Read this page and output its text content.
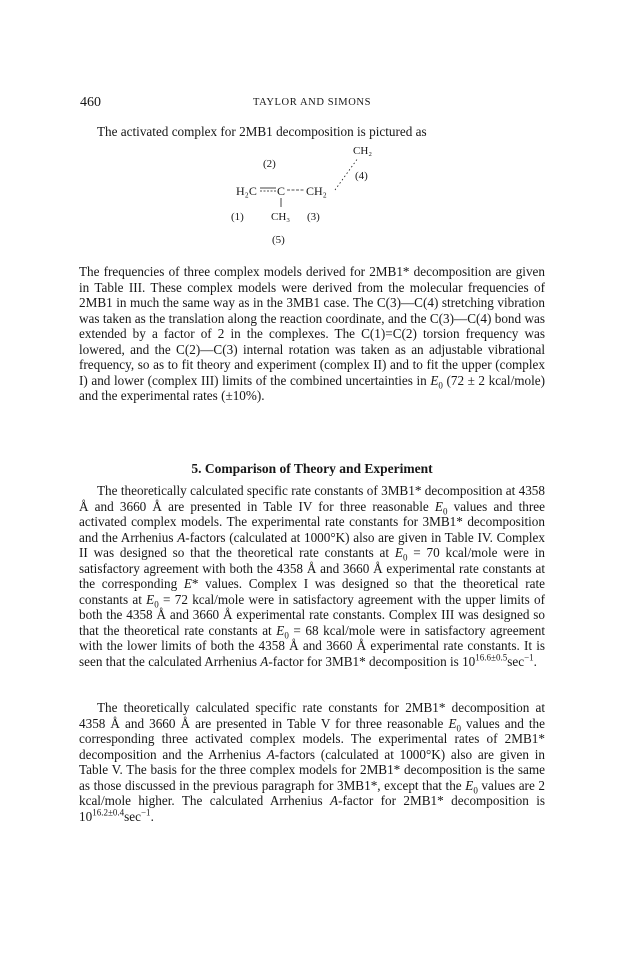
460	TAYLOR AND SIMONS

The activated complex for 2MB1 decomposition is pictured as

CH₂
(2)
(4)
H₂C C CH₂
(1) CH₃ (3)
(5)

The frequencies of three complex models derived for 2MB1* decomposition are given in Table III. These complex models were derived from the molecular frequencies of 2MB1 in much the same way as in the 3MB1 case. The C(3)—C(4) stretching vibration was taken as the translation along the reaction coordinate, and the C(3)—C(4) bond was extended by a factor of 2 in the complexes. The C(1)=C(2) torsion frequency was lowered, and the C(2)—C(3) internal rotation was taken as an adjustable vibrational frequency, so as to fit theory and experiment (complex II) and to fit the upper (complex I) and lower (complex III) limits of the combined uncertainties in $E_0$ (72 ± 2 kcal/mole) and the experimental rates (±10%).

5. Comparison of Theory and Experiment

The theoretically calculated specific rate constants of 3MB1* decomposition at 4358 Å and 3660 Å are presented in Table IV for three reasonable $E_0$ values and three activated complex models. The experimental rate constants for 3MB1* decomposition and the Arrhenius A-factors (calculated at 1000°K) also are given in Table IV. Complex II was designed so that the theoretical rate constants at $E_0 = 70$ kcal/mole were in satisfactory agreement with both the 4358 Å and 3660 Å experimental rate constants at the corresponding E* values. Complex I was designed so that the theoretical rate constants at $E_0 = 72$ kcal/mole were in satisfactory agreement with the upper limits of both the 4358 Å and 3660 Å experimental rate constants. Complex III was designed so that the theoretical rate constants at $E_0 = 68$ kcal/mole were in satisfactory agreement with the lower limits of both the 4358 Å and 3660 Å experimental rate constants. It is seen that the calculated Arrhenius A-factor for 3MB1* decomposition is $10^{16.6\pm 0.5}\sec^{-1}$.

The theoretically calculated specific rate constants for 2MB1* decomposition at 4358 Å and 3660 Å are presented in Table V for three reasonable $E_0$ values and the corresponding three activated complex models. The experimental rates of 2MB1* decomposition and the Arrhenius A-factors (calculated at 1000°K) also are given in Table V. The basis for the three complex models for 2MB1* decomposition is the same as those discussed in the previous paragraph for 3MB1*, except that the $E_0$ values are 2 kcal/mole higher. The calculated Arrhenius A-factor for 2MB1* decomposition is $10^{16.2\pm 0.4}\sec^{-1}$.
